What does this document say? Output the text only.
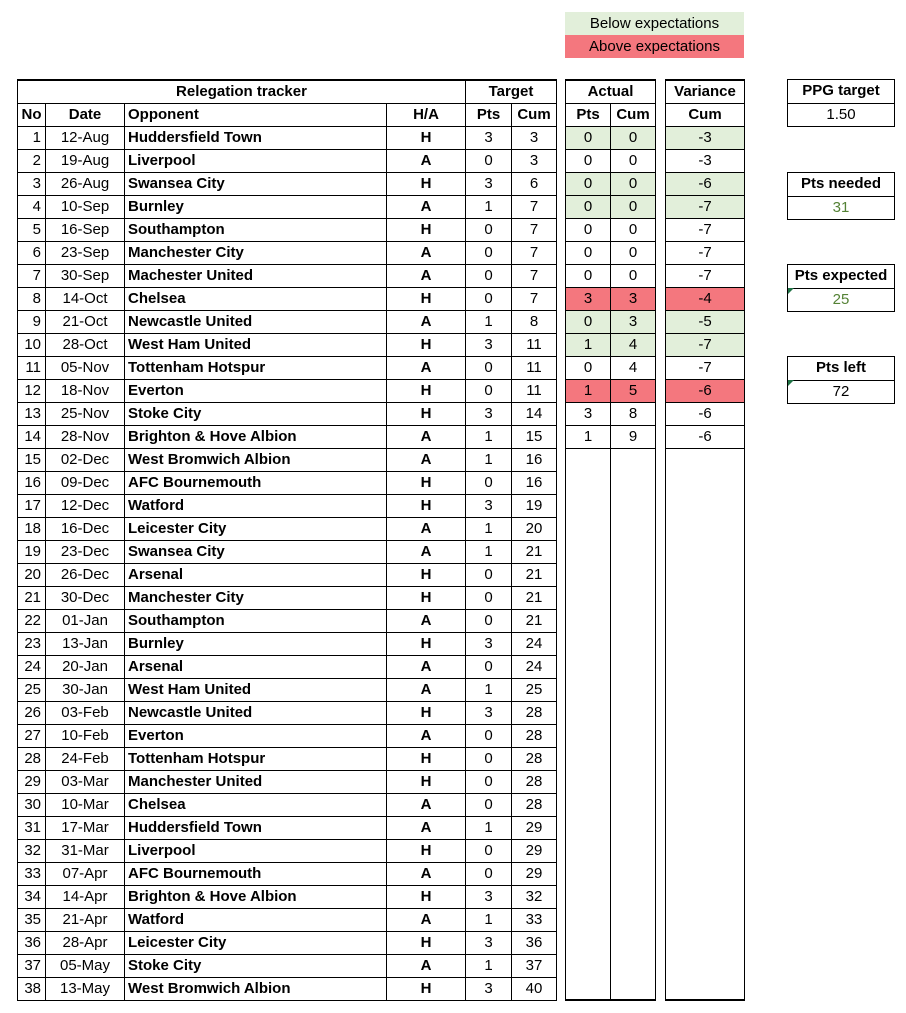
Below expectations
Above expectations
Relegation tracker				Target	
No	Date	Opponent	H/A	Pts	Cum
1	12-Aug	Huddersfield Town	H	3	3
2	19-Aug	Liverpool	A	0	3
3	26-Aug	Swansea City	H	3	6
4	10-Sep	Burnley	A	1	7
5	16-Sep	Southampton	H	0	7
6	23-Sep	Manchester City	A	0	7
7	30-Sep	Machester United	A	0	7
8	14-Oct	Chelsea	H	0	7
9	21-Oct	Newcastle United	A	1	8
10	28-Oct	West Ham United	H	3	11
11	05-Nov	Tottenham Hotspur	A	0	11
12	18-Nov	Everton	H	0	11
13	25-Nov	Stoke City	H	3	14
14	28-Nov	Brighton & Hove Albion	A	1	15
15	02-Dec	West Bromwich Albion	A	1	16
16	09-Dec	AFC Bournemouth	H	0	16
17	12-Dec	Watford	H	3	19
18	16-Dec	Leicester City	A	1	20
19	23-Dec	Swansea City	A	1	21
20	26-Dec	Arsenal	H	0	21
21	30-Dec	Manchester City	H	0	21
22	01-Jan	Southampton	A	0	21
23	13-Jan	Burnley	H	3	24
24	20-Jan	Arsenal	A	0	24
25	30-Jan	West Ham United	A	1	25
26	03-Feb	Newcastle United	H	3	28
27	10-Feb	Everton	A	0	28
28	24-Feb	Tottenham Hotspur	H	0	28
29	03-Mar	Manchester United	H	0	28
30	10-Mar	Chelsea	A	0	28
31	17-Mar	Huddersfield Town	A	1	29
32	31-Mar	Liverpool	H	0	29
33	07-Apr	AFC Bournemouth	A	0	29
34	14-Apr	Brighton & Hove Albion	H	3	32
35	21-Apr	Watford	A	1	33
36	28-Apr	Leicester City	H	3	36
37	05-May	Stoke City	A	1	37
38	13-May	West Bromwich Albion	H	3	40
Actual	
Pts	Cum
0	0
0	0
0	0
0	0
0	0
0	0
0	0
3	3
0	3
1	4
0	4
1	5
3	8
1	9

Variance
Cum
-3
-3
-6
-7
-7
-7
-7
-4
-5
-7
-7
-6
-6
-6

PPG target
1.50
Pts needed
31
Pts expected
25
Pts left
72
